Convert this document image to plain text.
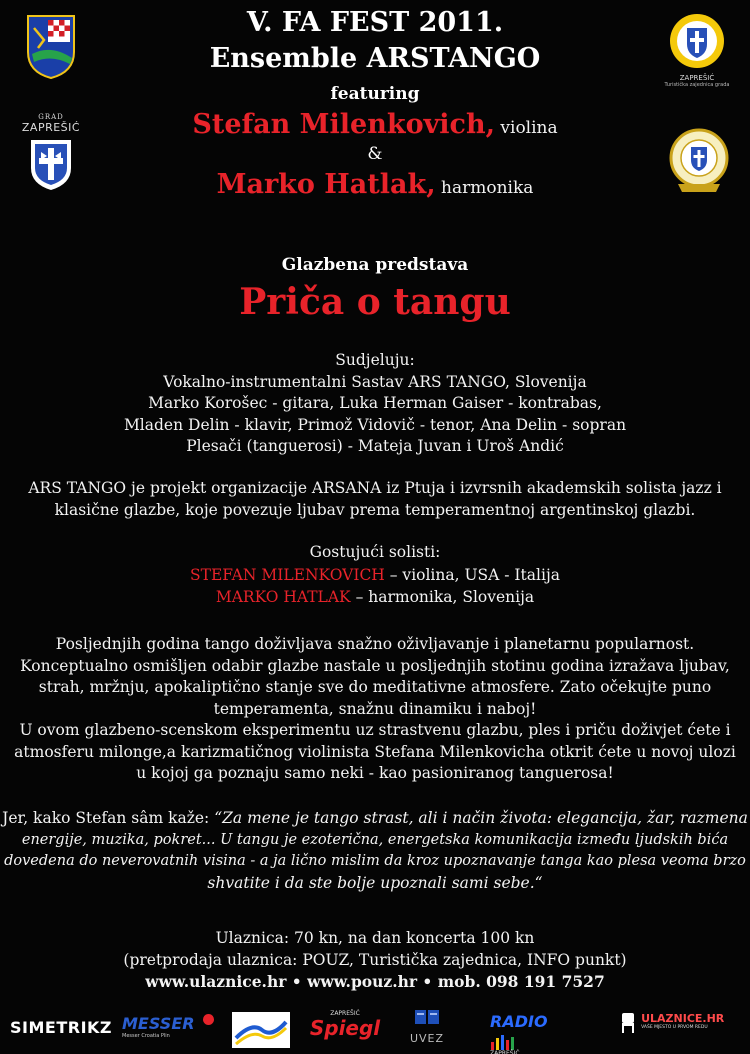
GRAD
ZAPREŠIĆ
ZAPREŠIĆ
Turistička zajednica grada
V. FA FEST 2011.
Ensemble ARSTANGO
featuring
Stefan Milenkovich, violina
&
Marko Hatlak, harmonika
Glazbena predstava
Priča o tangu
Sudjeluju:
Vokalno-instrumentalni Sastav ARS TANGO, Slovenija
Marko Korošec - gitara, Luka Herman Gaiser - kontrabas,
Mladen Delin - klavir, Primož Vidovič - tenor, Ana Delin - sopran
Plesači (tanguerosi) - Mateja Juvan i Uroš Andić
ARS TANGO je projekt organizacije ARSANA iz Ptuja i izvrsnih akademskih solista jazz i
klasične glazbe, koje povezuje ljubav prema temperamentnoj argentinskoj glazbi.
Gostujući solisti:
STEFAN MILENKOVICH – violina, USA - Italija
MARKO HATLAK – harmonika, Slovenija
Posljednjih godina tango doživljava snažno oživljavanje i planetarnu popularnost.
Konceptualno osmišljen odabir glazbe nastale u posljednjih stotinu godina izražava ljubav,
strah, mržnju, apokaliptično stanje sve do meditativne atmosfere. Zato očekujte puno
temperamenta, snažnu dinamiku i naboj!
U ovom glazbeno-scenskom eksperimentu uz strastvenu glazbu, ples i priču doživjet ćete i
atmosferu milonge,a karizmatičnog violinista Stefana Milenkovicha otkrit ćete u novoj ulozi
u kojoj ga poznaju samo neki - kao pasioniranog tanguerosa!
Jer, kako Stefan sâm kaže: “Za mene je tango strast, ali i način života: elegancija, žar, razmena
energije, muzika, pokret... U tangu je ezoterična, energetska komunikacija između ljudskih bića
dovedena do neverovatnih visina - a ja lično mislim da kroz upoznavanje tanga kao plesa veoma brzo
shvatite i da ste bolje upoznali sami sebe.“
Ulaznica: 70 kn, na dan koncerta 100 kn
(pretprodaja ulaznica: POUZ, Turistička zajednica, INFO punkt)
www.ulaznice.hr • www.pouz.hr • mob. 098 191 7527
SIMETRIKZ MESSER
Messer Croatia Plin
ZAPREŠIĆ
Spiegl	UVEZ
RADIO
ZAPREŠIĆ

ULAZNICE.HR
VAŠE MJESTO U PRVOM REDU
